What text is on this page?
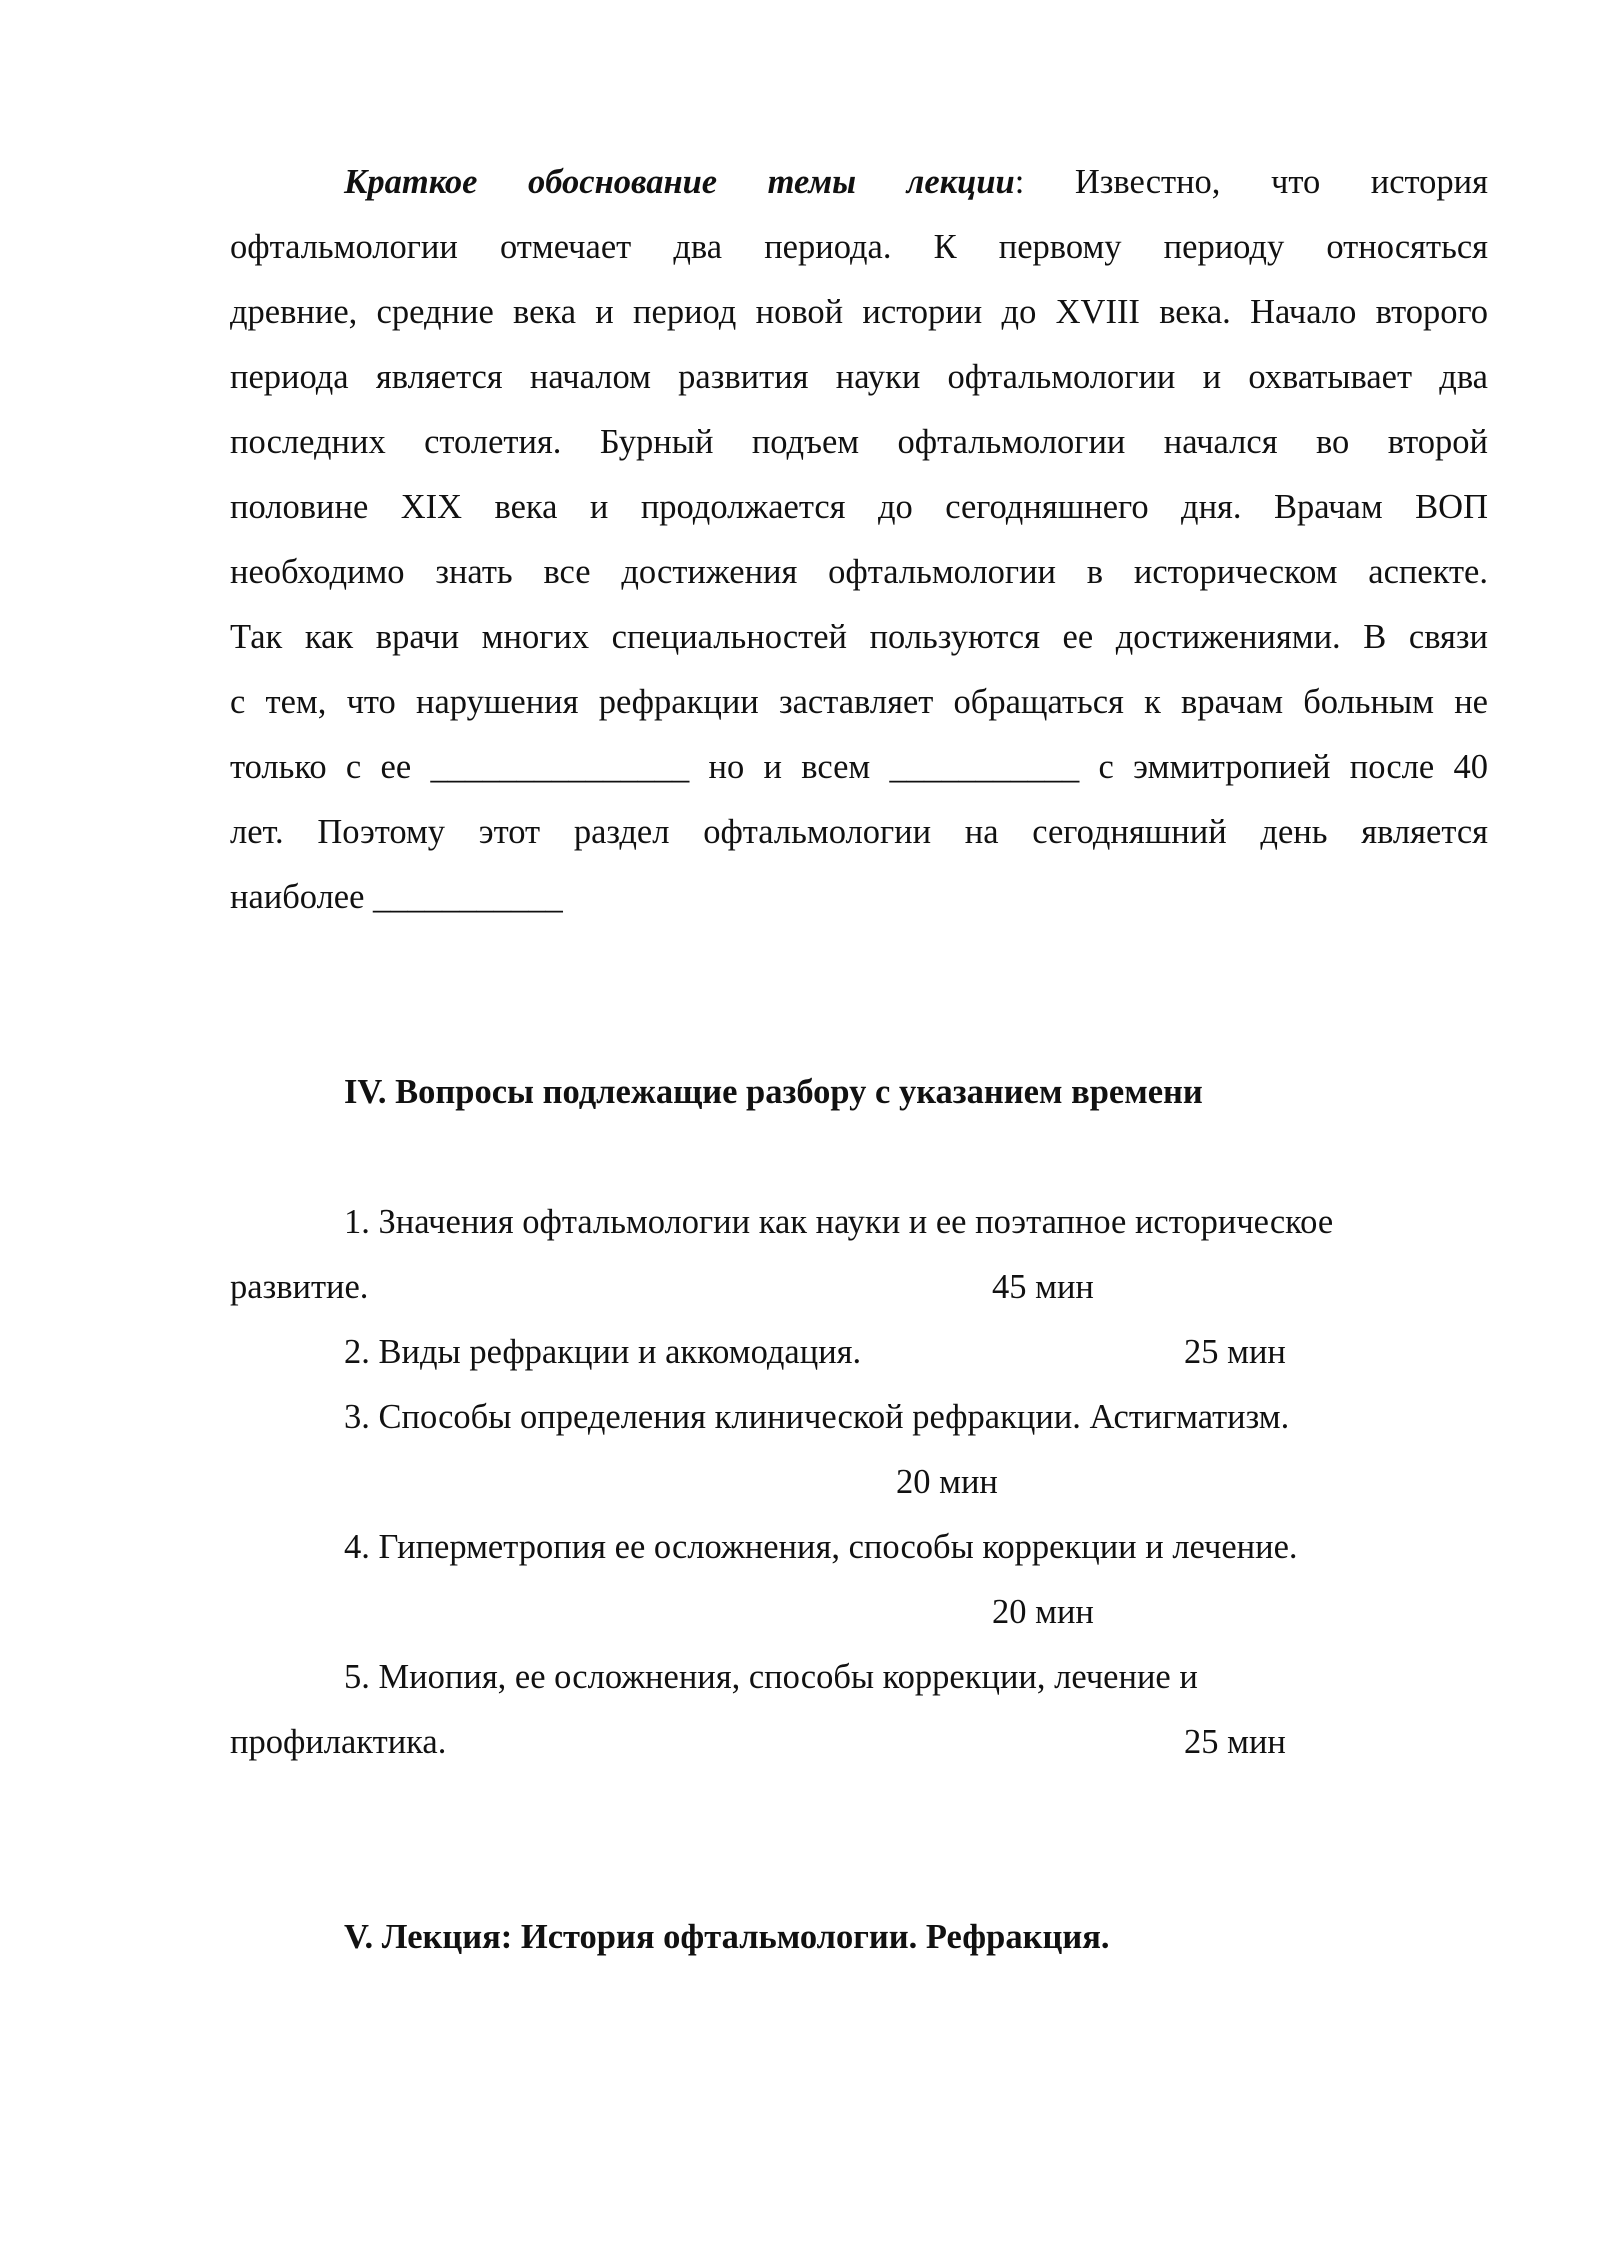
Краткое обоснование темы лекции: Известно, что история
офтальмологии отмечает два периода. К первому периоду относяться
древние, средние века и период новой истории до XVIII века. Начало второго
периода является началом развития науки офтальмологии и охватывает два
последних столетия. Бурный подъем офтальмологии начался во второй
половине XIX века и продолжается до сегодняшнего дня. Врачам ВОП
необходимо знать все достижения офтальмологии в историческом аспекте.
Так как врачи многих специальностей пользуются ее достижениями. В связи
с тем, что нарушения рефракции заставляет обращаться к врачам больным не
только с ее _______________ но и всем ___________ с эммитропией после 40
лет. Поэтому этот раздел офтальмологии на сегодняшний день является
наиболее ___________
IV. Вопросы подлежащие разбору с указанием времени
1. Значения офтальмологии как науки и ее поэтапное историческое
развитие.	45 мин
2. Виды рефракции и аккомодация.	25 мин
3. Способы определения клинической рефракции. Астигматизм.
20 мин
4. Гиперметропия ее осложнения, способы коррекции и лечение.
20 мин
5. Миопия, ее осложнения, способы коррекции, лечение и
профилактика.	25 мин
V. Лекция: История офтальмологии. Рефракция.
